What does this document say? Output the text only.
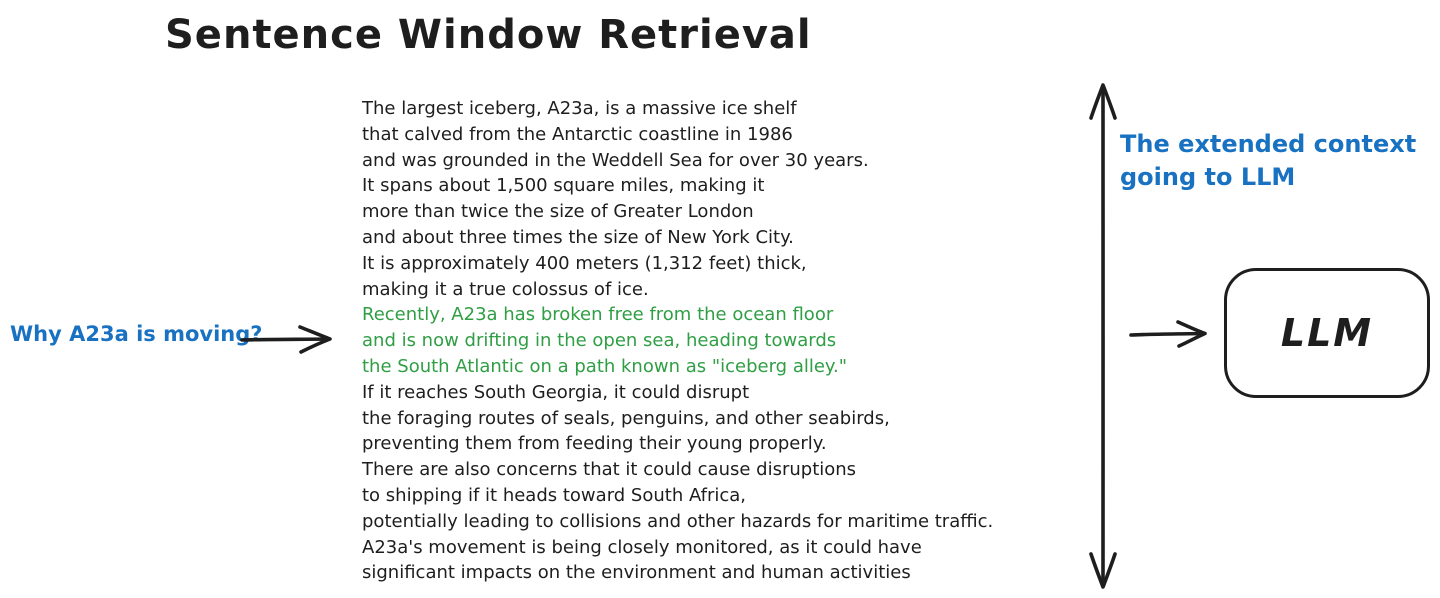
Sentence Window Retrieval
The largest iceberg, A23a, is a massive ice shelf
that calved from the Antarctic coastline in 1986
and was grounded in the Weddell Sea for over 30 years.
It spans about 1,500 square miles, making it
more than twice the size of Greater London
and about three times the size of New York City.
It is approximately 400 meters (1,312 feet) thick,
making it a true colossus of ice.
Recently, A23a has broken free from the ocean floor
and is now drifting in the open sea, heading towards
the South Atlantic on a path known as "iceberg alley."
If it reaches South Georgia, it could disrupt
the foraging routes of seals, penguins, and other seabirds,
preventing them from feeding their young properly.
There are also concerns that it could cause disruptions
to shipping if it heads toward South Africa,
potentially leading to collisions and other hazards for maritime traffic.
A23a's movement is being closely monitored, as it could have
significant impacts on the environment and human activities
Why A23a is moving?
The extended context
going to LLM
LLM
